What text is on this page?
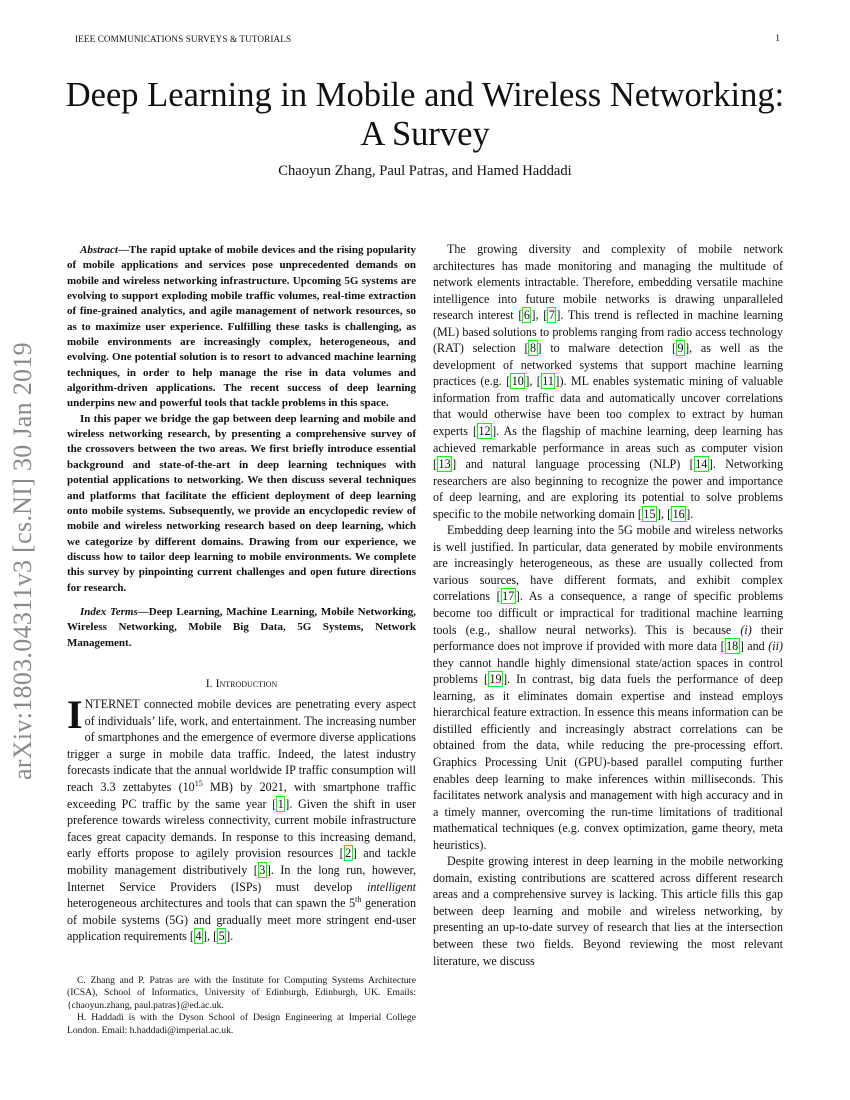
IEEE COMMUNICATIONS SURVEYS & TUTORIALS	1
Deep Learning in Mobile and Wireless Networking:
A Survey
Chaoyun Zhang, Paul Patras, and Hamed Haddadi
arXiv:1803.04311v3 [cs.NI] 30 Jan 2019

Abstract—The rapid uptake of mobile devices and the rising popularity of mobile applications and services pose unprecedented demands on mobile and wireless networking infrastructure. Upcoming 5G systems are evolving to support exploding mobile traffic volumes, real-time extraction of fine-grained analytics, and agile management of network resources, so as to maximize user experience. Fulfilling these tasks is challenging, as mobile environments are increasingly complex, heterogeneous, and evolving. One potential solution is to resort to advanced machine learning techniques, in order to help manage the rise in data volumes and algorithm-driven applications. The recent success of deep learning underpins new and powerful tools that tackle problems in this space.

In this paper we bridge the gap between deep learning and mobile and wireless networking research, by presenting a comprehensive survey of the crossovers between the two areas. We first briefly introduce essential background and state-of-the-art in deep learning techniques with potential applications to networking. We then discuss several techniques and platforms that facilitate the efficient deployment of deep learning onto mobile systems. Subsequently, we provide an encyclopedic review of mobile and wireless networking research based on deep learning, which we categorize by different domains. Drawing from our experience, we discuss how to tailor deep learning to mobile environments. We complete this survey by pinpointing current challenges and open future directions for research.

Index Terms—Deep Learning, Machine Learning, Mobile Networking, Wireless Networking, Mobile Big Data, 5G Systems, Network Management.

I. Introduction

INTERNET connected mobile devices are penetrating every aspect of individuals’ life, work, and entertainment. The increasing number of smartphones and the emergence of evermore diverse applications trigger a surge in mobile data traffic. Indeed, the latest industry forecasts indicate that the annual worldwide IP traffic consumption will reach 3.3 zettabytes ($10^{15}$ MB) by 2021, with smartphone traffic exceeding PC traffic by the same year [ 1 ]. Given the shift in user preference towards wireless connectivity, current mobile infrastructure faces great capacity demands. In response to this increasing demand, early efforts propose to agilely provision resources [ 2 ] and tackle mobility management distributively [ 3 ]. In the long run, however, Internet Service Providers (ISPs) must develop intelligent heterogeneous architectures and tools that can spawn the 5th generation of mobile systems (5G) and gradually meet more stringent end-user application requirements [ 4 ], [ 5 ].

C. Zhang and P. Patras are with the Institute for Computing Systems Architecture (ICSA), School of Informatics, University of Edinburgh, Edinburgh, UK. Emails: {chaoyun.zhang, paul.patras}@ed.ac.uk.

H. Haddadi is with the Dyson School of Design Engineering at Imperial College London. Email: h.haddadi@imperial.ac.uk.

The growing diversity and complexity of mobile network architectures has made monitoring and managing the multitude of network elements intractable. Therefore, embedding versatile machine intelligence into future mobile networks is drawing unparalleled research interest [ 6 ], [ 7 ]. This trend is reflected in machine learning (ML) based solutions to problems ranging from radio access technology (RAT) selection [ 8 ] to malware detection [ 9 ], as well as the development of networked systems that support machine learning practices (e.g. [ 10 ], [ 11 ]). ML enables systematic mining of valuable information from traffic data and automatically uncover correlations that would otherwise have been too complex to extract by human experts [ 12 ]. As the flagship of machine learning, deep learning has achieved remarkable performance in areas such as computer vision [ 13 ] and natural language processing (NLP) [ 14 ]. Networking researchers are also beginning to recognize the power and importance of deep learning, and are exploring its potential to solve problems specific to the mobile networking domain [ 15 ], [ 16 ].

Embedding deep learning into the 5G mobile and wireless networks is well justified. In particular, data generated by mobile environments are increasingly heterogeneous, as these are usually collected from various sources, have different formats, and exhibit complex correlations [ 17 ]. As a consequence, a range of specific problems become too difficult or impractical for traditional machine learning tools (e.g., shallow neural networks). This is because (i) their performance does not improve if provided with more data [ 18 ] and (ii) they cannot handle highly dimensional state/action spaces in control problems [ 19 ]. In contrast, big data fuels the performance of deep learning, as it eliminates domain expertise and instead employs hierarchical feature extraction. In essence this means information can be distilled efficiently and increasingly abstract correlations can be obtained from the data, while reducing the pre-processing effort. Graphics Processing Unit (GPU)-based parallel computing further enables deep learning to make inferences within milliseconds. This facilitates network analysis and management with high accuracy and in a timely manner, overcoming the run-time limitations of traditional mathematical techniques (e.g. convex optimization, game theory, meta heuristics).

Despite growing interest in deep learning in the mobile networking domain, existing contributions are scattered across different research areas and a comprehensive survey is lacking. This article fills this gap between deep learning and mobile and wireless networking, by presenting an up-to-date survey of research that lies at the intersection between these two fields. Beyond reviewing the most relevant literature, we discuss
